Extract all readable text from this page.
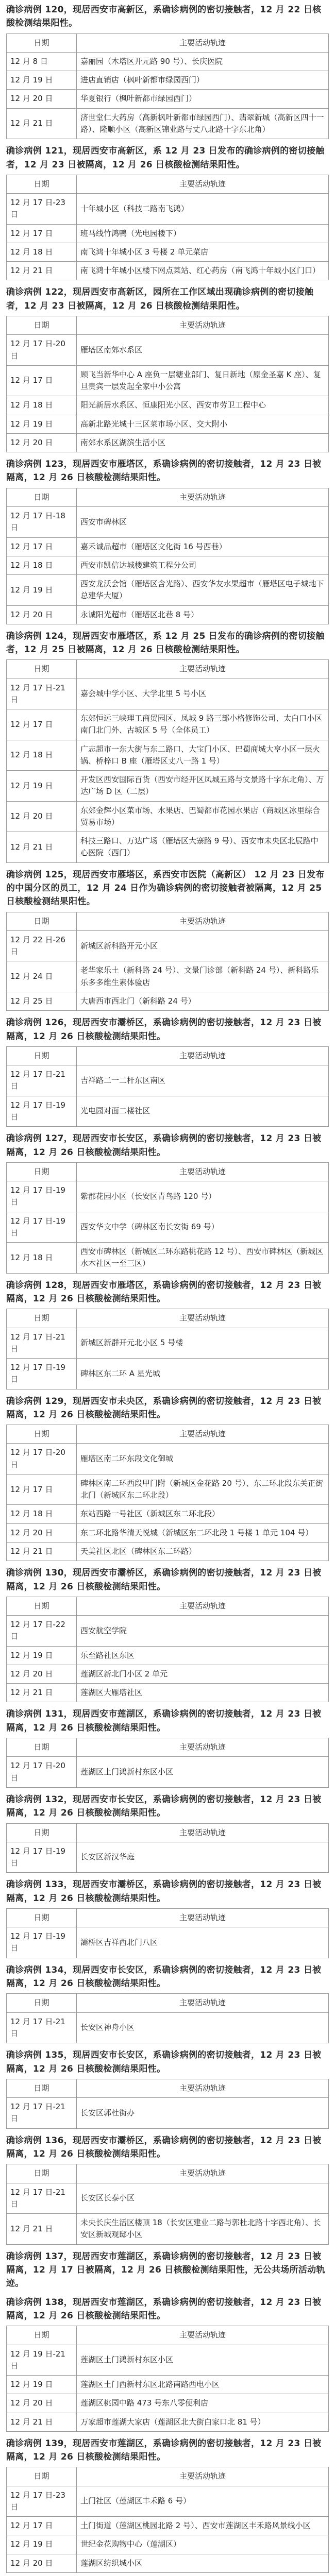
确诊病例 120，现居西安市高新区，系确诊病例的密切接触者，12 月 22 日核酸检测结果阳性。

日期	主要活动轨迹
12 月 8 日	嘉丽园（木塔区开元路 90 号）、长庆医院
12 月 19 日	进店直销店（枫叶新都市绿园西门）
12 月 20 日	华夏银行（枫叶新都市绿园西门）
12 月 21 日	济世堂仁大药房（高新枫叶新都市绿园西门）、翡翠新城（高新区四十一路）、隆顺小区（高新区锦业路与丈八北路十字东北角）

确诊病例 121，现居西安市高新区，系 12 月 23 日发布的确诊病例的密切接触者，12 月 23 日被隔离，12 月 26 日核酸检测结果阳性。

日期	主要活动轨迹
12 月 17 日-23 日	十年城小区（科技二路南飞鸿）
12 月 17 日	班马线竹鸿鸭（光电园楼下）
12 月 18 日	南飞鸿十年城小区 3 号楼 2 单元菜店
12 月 21 日	南飞鸿十年城小区楼下网点菜站、红心药房（南飞鸿十年城小区门口）

确诊病例 122，现居西安市高新区，园所在工作区域出现确诊病例的密切接触者，12 月 23 日被隔离，12 月 26 日核酸检测结果阳性。

日期	主要活动轨迹
12 月 17 日-20 日	雁塔区南郊水系区
12 月 17 日	顾飞当新华中心 A 座负一层糖业部门、复日新地（原金圣嘉 K 座）、复旦贵宾一层发起全家中小公寓
12 月 18 日	阳光新居水系区、恒康阳光小区、西安市劳卫工程中心
12 月 19 日	高新北路光城十三区菜市场小区、交大附小
12 月 20 日	南郊水系区湖滨生活小区

确诊病例 123，现居西安市雁塔区，系确诊病例的密切接触者，12 月 23 日被隔离，12 月 26 日核酸检测结果阳性。

日期	主要活动轨迹
12 月 17 日-18 日	西安市碑林区
12 月 17 日	嘉禾诚品超市（雁塔区文化街 16 号西巷）
12 月 18 日	西安市凯信达城楼建筑工程分公司
12 月 19 日	西安龙沃会馆（雁塔区含光路）、西安华友水果超市（雁塔区电子城地下总建华大厦）
12 月 20 日	永诚阳光超市（雁塔区北巷 8 号）

确诊病例 124，现居西安市雁塔区，系 12 月 25 日发布的确诊病例的密切接触者，12 月 25 日被隔离，12 月 26 日核酸检测结果阳性。

日期	主要活动轨迹
12 月 17 日-21 日	嘉会城中学小区、大学北里 5 号小区
12 月 17 日	东郊恒远三峡理工商贸园区、凤城 9 路三部小格修饰公司、太白口小区南门北门外、古城区 5 号（全体员工）
12 月 18 日	广志超市一东大街与东二路口、大宝门小区、巴蜀商城大亨小区一层火锅、桥梓口 B 座（雁塔区丈八一路 1 号）
12 月 19 日	开发区西安国际百货（西安市经开区凤城五路与文景路十字东北角）、万达广场 D 区（二层）
12 月 20 日	东郊金辉小区菜市场、水果店、巴蜀都市花园水果店（商城区冰里综合贸易市场）
12 月 21 日	科技三路口、万达广场（雁塔区大寨路 9 号）、西安市未央区北辰路中心医院（西门）

确诊病例 125，现居西安市雁塔区，系西安市医院（高新区） 12 月 23 日发布的中国分区的员工，12 月 24 日作为确诊病例的密切接触者被隔离，12 月 25 日核酸检测结果阳性。

日期	主要活动轨迹
12 月 22 日-26 日	新城区新科路开元小区
12 月 24 日	老华家乐土（新科路 24 号）、文景门诊部（新科路 24 号）、新科路乐乐多多维生素体验店
12 月 25 日	大唐西市西北门（新科路 24 号）

确诊病例 126，现居西安市灞桥区，系确诊病例的密切接触者，12 月 23 日被隔离，12 月 26 日核酸检测结果阳性。

日期	主要活动轨迹
12 月 17 日-21 日	吉祥路二一二杆东区南区
12 月 17 日-19 日	光电园对面二楼社区

确诊病例 127，现居西安市长安区，系确诊病例的密切接触者，12 月 23 日被隔离，12 月 26 日核酸检测结果阳性。

日期	主要活动轨迹
12 月 17 日-19 日	紫郡花园小区（长安区青鸟路 120 号）
12 月 17 日-19 日	西安华文中学（碑林区南长安街 69 号）
12 月 18 日	西安市碑林区（新城区二环东路桃花路 12 号）、西安市碑林区（新城区水木社区一至三区）

确诊病例 128，现居西安市雁塔区，系确诊病例的密切接触者，12 月 23 日被隔离，12 月 26 日核酸检测结果阳性。

日期	主要活动轨迹
12 月 17 日-21 日	新城区新群开元北小区 5 号楼
12 月 17 日-19 日	碑林区东二环 A 星光城

确诊病例 129，现居西安市未央区，系确诊病例的密切接触者，12 月 23 日被隔离，12 月 26 日核酸检测结果阳性。

日期	主要活动轨迹
12 月 17 日-20 日	雁塔区南二环东段文化御城
12 月 17 日	碑林区南二环西段甲门附（新城区金花路 20 号）、东二环北段东关正街北门（新城区东二环北段）
12 月 18 日	东站西路一号社区（新城区东二环北段）
12 月 20 日	东二环北路华清天悦城（新城区东二环北段 1 号楼 1 单元 104 号）
12 月 21 日	天美社区北区（碑林区东二环路）

确诊病例 130，现居西安市灞桥区，系确诊病例的密切接触者，12 月 23 日被隔离，12 月 26 日核酸检测结果阳性。

日期	主要活动轨迹
12 月 17 日-22 日	西安航空学院
12 月 19 日	乐至路社区东区
12 月 20 日	莲湖区新北门小区 2 单元
12 月 21 日	莲湖区大雁塔社区

确诊病例 131，现居西安市莲湖区，系确诊病例的密切接触者，12 月 23 日被隔离，12 月 26 日核酸检测结果阳性。

日期	主要活动轨迹
12 月 17 日-20 日	莲湖区土门鸿新村东区小区

确诊病例 132，现居西安市长安区，系确诊病例的密切接触者，12 月 23 日被隔离，12 月 26 日核酸检测结果阳性。

日期	主要活动轨迹
12 月 17 日-19 日	长安区新汉华庭

确诊病例 133，现居西安市灞桥区，系确诊病例的密切接触者，12 月 23 日被隔离，12 月 26 日核酸检测结果阳性。

日期	主要活动轨迹
12 月 17 日-19 日	灞桥区吉祥西北门八区

确诊病例 134，现居西安市长安区，系确诊病例的密切接触者，12 月 23 日被隔离，12 月 26 日核酸检测结果阳性。

日期	主要活动轨迹
12 月 17 日-21 日	长安区神舟小区

确诊病例 135，现居西安市长安区，系确诊病例的密切接触者，12 月 23 日被隔离，12 月 26 日核酸检测结果阳性。

日期	主要活动轨迹
12 月 17 日-21 日	长安区郭杜街办

确诊病例 136，现居西安市灞桥区，系确诊病例的密切接触者，12 月 23 日被隔离，12 月 26 日核酸检测结果阳性。

日期	主要活动轨迹
12 月 17 日-21 日	长安区长泰小区
12 月 21 日	未央长庆生活区楼顶 18（长安区建业二路与郭杜北路十字西北角）、长安区新城观邸小区

确诊病例 137，现居西安市莲湖区，系确诊病例的密切接触者，12 月 23 日被隔离，12 月 17 日被隔离，12 月 26 日核酸检测结果阳性，无公共场所活动轨迹。

确诊病例 138，现居西安市莲湖区，系确诊病例的密切接触者，12 月 23 日被隔离，12 月 26 日核酸检测结果阳性。

日期	主要活动轨迹
12 月 19 日-21 日	莲湖区土门鸿新村东区小区
12 月 19 日	莲湖区土门西新村东区北路南路西电小区
12 月 20 日	莲湖区桃园中路 473 号东八零便利店
12 月 21 日	万家超市莲湖大家店（莲湖区北大街白家口北 81 号）

确诊病例 139，现居西安市莲湖区，系确诊病例的密切接触者，12 月 23 日被隔离，12 月 26 日核酸检测结果阳性。

日期	主要活动轨迹
12 月 17 日-23 日	土门社区（莲湖区丰禾路 6 号）
12 月 17 日	土门街道（莲湖区桃园北路 2 号）、西安市莲湖区丰禾路风景线小区
12 月 19 日	世纪金花购物中心（莲湖区）
12 月 20 日	莲湖区纺织城小区
